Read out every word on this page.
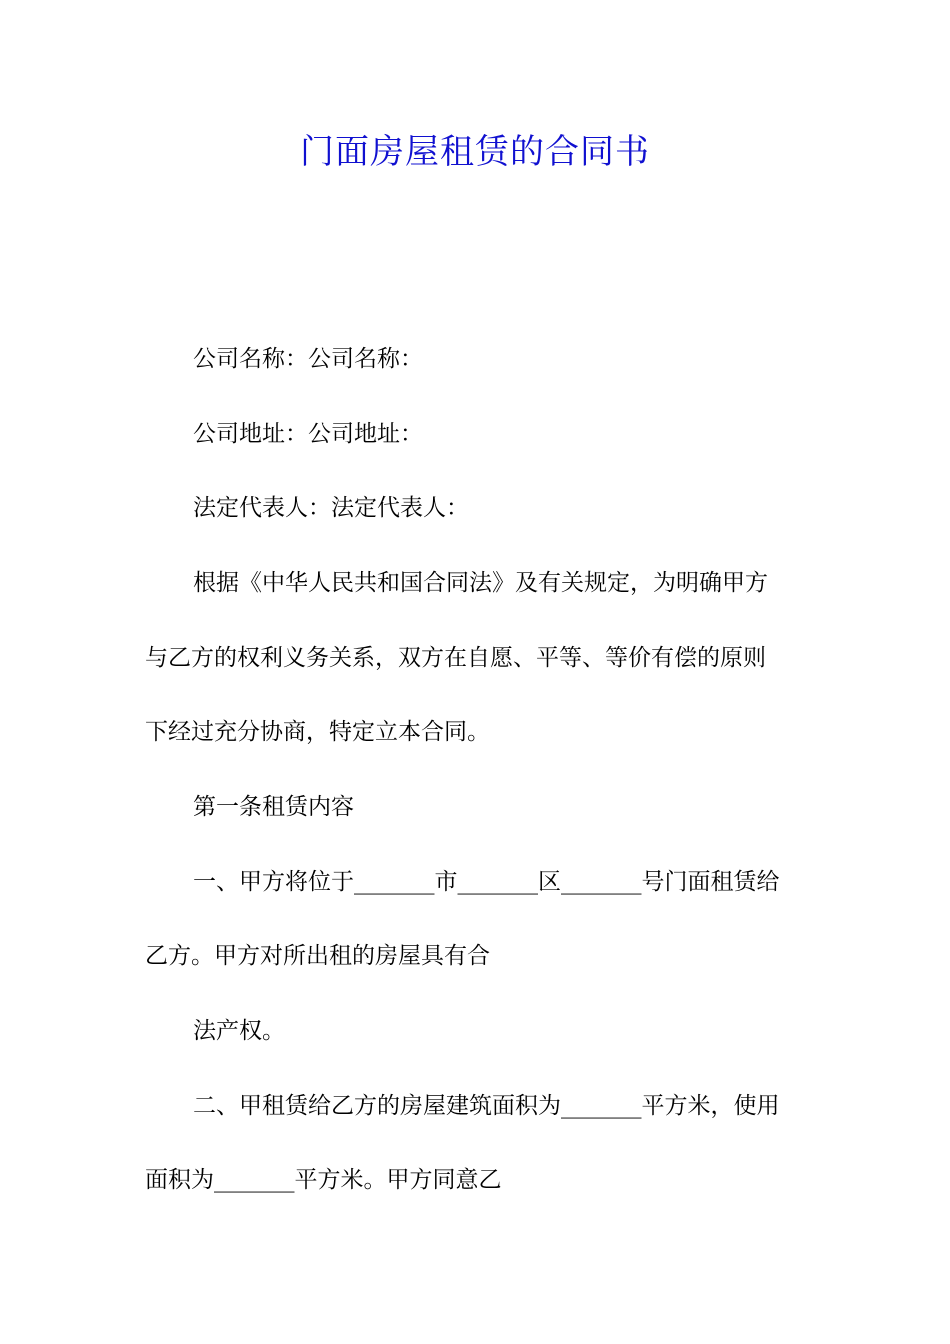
门面房屋租赁的合同书
公司名称：公司名称：
公司地址：公司地址：
法定代表人：法定代表人：
根据《中华人民共和国合同法》及有关规定，为明确甲方
与乙方的权利义务关系，双方在自愿、平等、等价有偿的原则
下经过充分协商，特定立本合同。
第一条租赁内容
一、甲方将位于_______市_______区_______号门面租赁给
乙方。甲方对所出租的房屋具有合
法产权。
二、甲租赁给乙方的房屋建筑面积为_______平方米，使用
面积为_______平方米。甲方同意乙
